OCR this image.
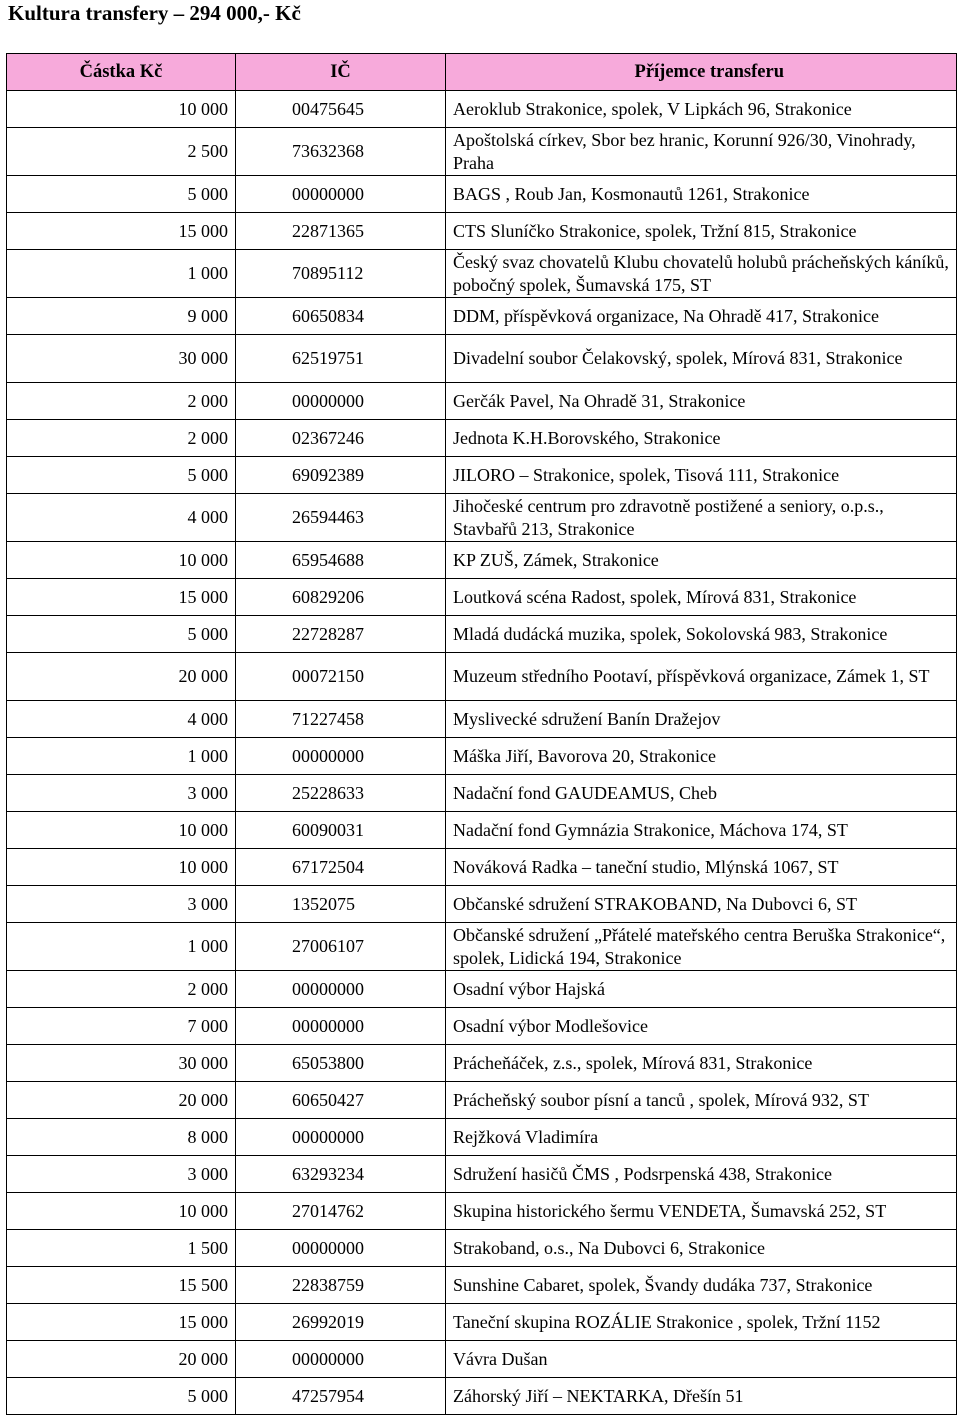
Kultura transfery – 294 000,- Kč
Částka Kč	IČ	Příjemce transferu
10 000	00475645	Aeroklub Strakonice, spolek, V Lipkách 96, Strakonice
2 500	73632368	Apoštolská církev, Sbor bez hranic, Korunní 926/30, Vinohrady, Praha
5 000	00000000	BAGS , Roub Jan, Kosmonautů 1261, Strakonice
15 000	22871365	CTS Sluníčko Strakonice, spolek, Tržní 815, Strakonice
1 000	70895112	Český svaz chovatelů Klubu chovatelů holubů prácheňských káníků, pobočný spolek, Šumavská 175, ST
9 000	60650834	DDM, příspěvková organizace, Na Ohradě 417, Strakonice
30 000	62519751	Divadelní soubor Čelakovský, spolek, Mírová 831, Strakonice
2 000	00000000	Gerčák Pavel, Na Ohradě 31, Strakonice
2 000	02367246	Jednota K.H.Borovského, Strakonice
5 000	69092389	JILORO – Strakonice, spolek, Tisová 111, Strakonice
4 000	26594463	Jihočeské centrum pro zdravotně postižené a seniory, o.p.s., Stavbařů 213, Strakonice
10 000	65954688	KP ZUŠ, Zámek, Strakonice
15 000	60829206	Loutková scéna Radost, spolek, Mírová 831, Strakonice
5 000	22728287	Mladá dudácká muzika, spolek, Sokolovská 983, Strakonice
20 000	00072150	Muzeum středního Pootaví, příspěvková organizace, Zámek 1, ST
4 000	71227458	Myslivecké sdružení Banín Dražejov
1 000	00000000	Máška Jiří, Bavorova 20, Strakonice
3 000	25228633	Nadační fond GAUDEAMUS, Cheb
10 000	60090031	Nadační fond Gymnázia Strakonice, Máchova 174, ST
10 000	67172504	Nováková Radka – taneční studio, Mlýnská 1067, ST
3 000	1352075	Občanské sdružení STRAKOBAND, Na Dubovci 6, ST
1 000	27006107	Občanské sdružení „Přátelé mateřského centra Beruška Strakonice“, spolek, Lidická 194, Strakonice
2 000	00000000	Osadní výbor Hajská
7 000	00000000	Osadní výbor Modlešovice
30 000	65053800	Prácheňáček, z.s., spolek, Mírová 831, Strakonice
20 000	60650427	Prácheňský soubor písní a tanců , spolek, Mírová 932, ST
8 000	00000000	Rejžková Vladimíra
3 000	63293234	Sdružení hasičů ČMS , Podsrpenská 438, Strakonice
10 000	27014762	Skupina historického šermu VENDETA, Šumavská 252, ST
1 500	00000000	Strakoband, o.s., Na Dubovci 6, Strakonice
15 500	22838759	Sunshine Cabaret, spolek, Švandy dudáka 737, Strakonice
15 000	26992019	Taneční skupina ROZÁLIE Strakonice , spolek, Tržní 1152
20 000	00000000	Vávra Dušan
5 000	47257954	Záhorský Jiří – NEKTARKA, Dřešín 51
